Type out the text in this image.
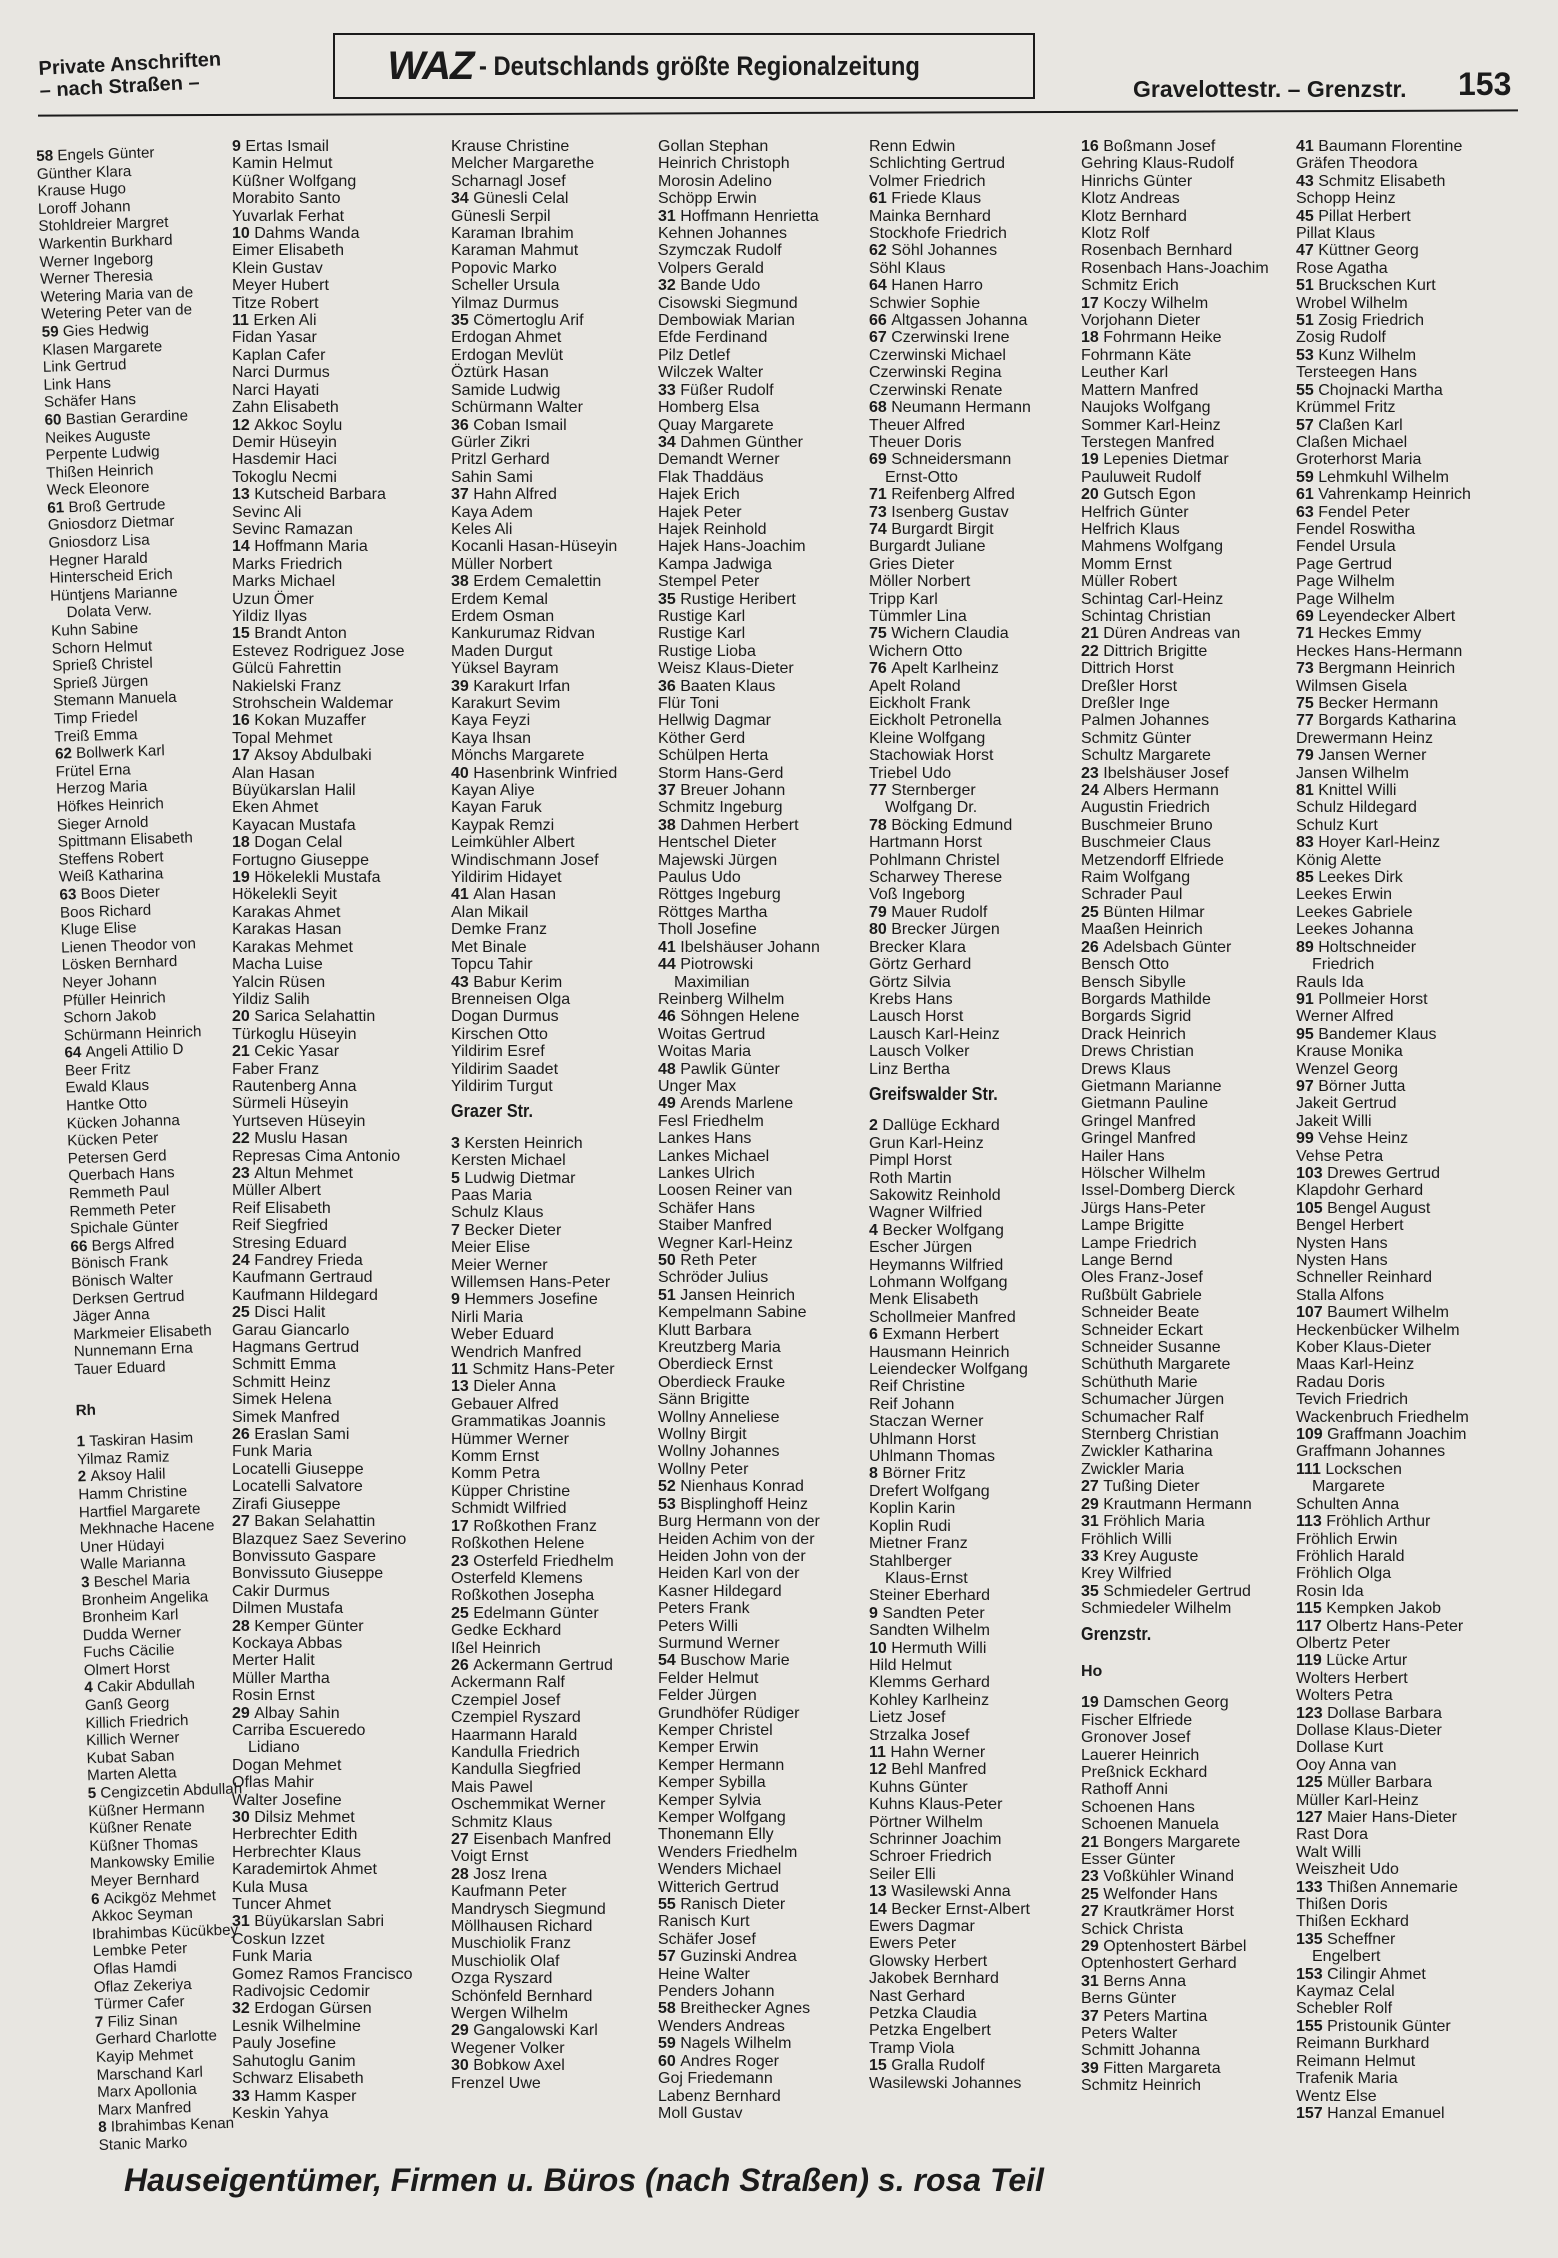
Private Anschriften
– nach Straßen –	WAZ - Deutschlands größte Regionalzeitung
Gravelottestr. – Grenzstr. 153
58 Engels Günter
Günther Klara
Krause Hugo
Loroff Johann
Stohldreier Margret
Warkentin Burkhard
Werner Ingeborg
Werner Theresia
Wetering Maria van de
Wetering Peter van de
59 Gies Hedwig
Klasen Margarete
Link Gertrud
Link Hans
Schäfer Hans
60 Bastian Gerardine
Neikes Auguste
Perpente Ludwig
Thißen Heinrich
Weck Eleonore
61 Broß Gertrude
Gniosdorz Dietmar
Gniosdorz Lisa
Hegner Harald
Hinterscheid Erich
Hüntjens Marianne
Dolata Verw.
Kuhn Sabine
Schorn Helmut
Sprieß Christel
Sprieß Jürgen
Stemann Manuela
Timp Friedel
Treiß Emma
62 Bollwerk Karl
Frütel Erna
Herzog Maria
Höfkes Heinrich
Sieger Arnold
Spittmann Elisabeth
Steffens Robert
Weiß Katharina
63 Boos Dieter
Boos Richard
Kluge Elise
Lienen Theodor von
Lösken Bernhard
Neyer Johann
Pfüller Heinrich
Schorn Jakob
Schürmann Heinrich
64 Angeli Attilio D
Beer Fritz
Ewald Klaus
Hantke Otto
Kücken Johanna
Kücken Peter
Petersen Gerd
Querbach Hans
Remmeth Paul
Remmeth Peter
Spichale Günter
66 Bergs Alfred
Bönisch Frank
Bönisch Walter
Derksen Gertrud
Jäger Anna
Markmeier Elisabeth
Nunnemann Erna
Tauer Eduard
Rh
1 Taskiran Hasim
Yilmaz Ramiz
2 Aksoy Halil
Hamm Christine
Hartfiel Margarete
Mekhnache Hacene
Uner Hüdayi
Walle Marianna
3 Beschel Maria
Bronheim Angelika
Bronheim Karl
Dudda Werner
Fuchs Cäcilie
Olmert Horst
4 Cakir Abdullah
Ganß Georg
Killich Friedrich
Killich Werner
Kubat Saban
Marten Aletta
5 Cengizcetin Abdullah
Küßner Hermann
Küßner Renate
Küßner Thomas
Mankowsky Emilie
Meyer Bernhard
6 Acikgöz Mehmet
Akkoc Seyman
Ibrahimbas Kücükbey
Lembke Peter
Oflas Hamdi
Oflaz Zekeriya
Türmer Cafer
7 Filiz Sinan
Gerhard Charlotte
Kayip Mehmet
Marschand Karl
Marx Apollonia
Marx Manfred
8 Ibrahimbas Kenan
Stanic Marko
9 Ertas Ismail
Kamin Helmut
Küßner Wolfgang
Morabito Santo
Yuvarlak Ferhat
10 Dahms Wanda
Eimer Elisabeth
Klein Gustav
Meyer Hubert
Titze Robert
11 Erken Ali
Fidan Yasar
Kaplan Cafer
Narci Durmus
Narci Hayati
Zahn Elisabeth
12 Akkoc Soylu
Demir Hüseyin
Hasdemir Haci
Tokoglu Necmi
13 Kutscheid Barbara
Sevinc Ali
Sevinc Ramazan
14 Hoffmann Maria
Marks Friedrich
Marks Michael
Uzun Ömer
Yildiz Ilyas
15 Brandt Anton
Estevez Rodriguez Jose
Gülcü Fahrettin
Nakielski Franz
Strohschein Waldemar
16 Kokan Muzaffer
Topal Mehmet
17 Aksoy Abdulbaki
Alan Hasan
Büyükarslan Halil
Eken Ahmet
Kayacan Mustafa
18 Dogan Celal
Fortugno Giuseppe
19 Hökelekli Mustafa
Hökelekli Seyit
Karakas Ahmet
Karakas Hasan
Karakas Mehmet
Macha Luise
Yalcin Rüsen
Yildiz Salih
20 Sarica Selahattin
Türkoglu Hüseyin
21 Cekic Yasar
Faber Franz
Rautenberg Anna
Sürmeli Hüseyin
Yurtseven Hüseyin
22 Muslu Hasan
Represas Cima Antonio
23 Altun Mehmet
Müller Albert
Reif Elisabeth
Reif Siegfried
Stresing Eduard
24 Fandrey Frieda
Kaufmann Gertraud
Kaufmann Hildegard
25 Disci Halit
Garau Giancarlo
Hagmans Gertrud
Schmitt Emma
Schmitt Heinz
Simek Helena
Simek Manfred
26 Eraslan Sami
Funk Maria
Locatelli Giuseppe
Locatelli Salvatore
Zirafi Giuseppe
27 Bakan Selahattin
Blazquez Saez Severino
Bonvissuto Gaspare
Bonvissuto Giuseppe
Cakir Durmus
Dilmen Mustafa
28 Kemper Günter
Kockaya Abbas
Merter Halit
Müller Martha
Rosin Ernst
29 Albay Sahin
Carriba Escueredo
Lidiano
Dogan Mehmet
Oflas Mahir
Walter Josefine
30 Dilsiz Mehmet
Herbrechter Edith
Herbrechter Klaus
Karademirtok Ahmet
Kula Musa
Tuncer Ahmet
31 Büyükarslan Sabri
Coskun Izzet
Funk Maria
Gomez Ramos Francisco
Radivojsic Cedomir
32 Erdogan Gürsen
Lesnik Wilhelmine
Pauly Josefine
Sahutoglu Ganim
Schwarz Elisabeth
33 Hamm Kasper
Keskin Yahya
Krause Christine
Melcher Margarethe
Scharnagl Josef
34 Günesli Celal
Günesli Serpil
Karaman Ibrahim
Karaman Mahmut
Popovic Marko
Scheller Ursula
Yilmaz Durmus
35 Cömertoglu Arif
Erdogan Ahmet
Erdogan Mevlüt
Öztürk Hasan
Samide Ludwig
Schürmann Walter
36 Coban Ismail
Gürler Zikri
Pritzl Gerhard
Sahin Sami
37 Hahn Alfred
Kaya Adem
Keles Ali
Kocanli Hasan-Hüseyin
Müller Norbert
38 Erdem Cemalettin
Erdem Kemal
Erdem Osman
Kankurumaz Ridvan
Maden Durgut
Yüksel Bayram
39 Karakurt Irfan
Karakurt Sevim
Kaya Feyzi
Kaya Ihsan
Mönchs Margarete
40 Hasenbrink Winfried
Kayan Aliye
Kayan Faruk
Kaypak Remzi
Leimkühler Albert
Windischmann Josef
Yildirim Hidayet
41 Alan Hasan
Alan Mikail
Demke Franz
Met Binale
Topcu Tahir
43 Babur Kerim
Brenneisen Olga
Dogan Durmus
Kirschen Otto
Yildirim Esref
Yildirim Saadet
Yildirim Turgut
Grazer Str.
3 Kersten Heinrich
Kersten Michael
5 Ludwig Dietmar
Paas Maria
Schulz Klaus
7 Becker Dieter
Meier Elise
Meier Werner
Willemsen Hans-Peter
9 Hemmers Josefine
Nirli Maria
Weber Eduard
Wendrich Manfred
11 Schmitz Hans-Peter
13 Dieler Anna
Gebauer Alfred
Grammatikas Joannis
Hümmer Werner
Komm Ernst
Komm Petra
Küpper Christine
Schmidt Wilfried
17 Roßkothen Franz
Roßkothen Helene
23 Osterfeld Friedhelm
Osterfeld Klemens
Roßkothen Josepha
25 Edelmann Günter
Gedke Eckhard
Ißel Heinrich
26 Ackermann Gertrud
Ackermann Ralf
Czempiel Josef
Czempiel Ryszard
Haarmann Harald
Kandulla Friedrich
Kandulla Siegfried
Mais Pawel
Oschemmikat Werner
Schmitz Klaus
27 Eisenbach Manfred
Voigt Ernst
28 Josz Irena
Kaufmann Peter
Mandrysch Siegmund
Möllhausen Richard
Muschiolik Franz
Muschiolik Olaf
Ozga Ryszard
Schönfeld Bernhard
Wergen Wilhelm
29 Gangalowski Karl
Wegener Volker
30 Bobkow Axel
Frenzel Uwe
Gollan Stephan
Heinrich Christoph
Morosin Adelino
Schöpp Erwin
31 Hoffmann Henrietta
Kehnen Johannes
Szymczak Rudolf
Volpers Gerald
32 Bande Udo
Cisowski Siegmund
Dembowiak Marian
Efde Ferdinand
Pilz Detlef
Wilczek Walter
33 Füßer Rudolf
Homberg Elsa
Quay Margarete
34 Dahmen Günther
Demandt Werner
Flak Thaddäus
Hajek Erich
Hajek Peter
Hajek Reinhold
Hajek Hans-Joachim
Kampa Jadwiga
Stempel Peter
35 Rustige Heribert
Rustige Karl
Rustige Karl
Rustige Lioba
Weisz Klaus-Dieter
36 Baaten Klaus
Flür Toni
Hellwig Dagmar
Köther Gerd
Schülpen Herta
Storm Hans-Gerd
37 Breuer Johann
Schmitz Ingeburg
38 Dahmen Herbert
Hentschel Dieter
Majewski Jürgen
Paulus Udo
Röttges Ingeburg
Röttges Martha
Tholl Josefine
41 Ibelshäuser Johann
44 Piotrowski
Maximilian
Reinberg Wilhelm
46 Söhngen Helene
Woitas Gertrud
Woitas Maria
48 Pawlik Günter
Unger Max
49 Arends Marlene
Fesl Friedhelm
Lankes Hans
Lankes Michael
Lankes Ulrich
Loosen Reiner van
Schäfer Hans
Staiber Manfred
Wegner Karl-Heinz
50 Reth Peter
Schröder Julius
51 Jansen Heinrich
Kempelmann Sabine
Klutt Barbara
Kreutzberg Maria
Oberdieck Ernst
Oberdieck Frauke
Sänn Brigitte
Wollny Anneliese
Wollny Birgit
Wollny Johannes
Wollny Peter
52 Nienhaus Konrad
53 Bisplinghoff Heinz
Burg Hermann von der
Heiden Achim von der
Heiden John von der
Heiden Karl von der
Kasner Hildegard
Peters Frank
Peters Willi
Surmund Werner
54 Buschow Marie
Felder Helmut
Felder Jürgen
Grundhöfer Rüdiger
Kemper Christel
Kemper Erwin
Kemper Hermann
Kemper Sybilla
Kemper Sylvia
Kemper Wolfgang
Thonemann Elly
Wenders Friedhelm
Wenders Michael
Witterich Gertrud
55 Ranisch Dieter
Ranisch Kurt
Schäfer Josef
57 Guzinski Andrea
Heine Walter
Penders Johann
58 Breithecker Agnes
Wenders Andreas
59 Nagels Wilhelm
60 Andres Roger
Goj Friedemann
Labenz Bernhard
Moll Gustav
Renn Edwin
Schlichting Gertrud
Volmer Friedrich
61 Friede Klaus
Mainka Bernhard
Stockhofe Friedrich
62 Söhl Johannes
Söhl Klaus
64 Hanen Harro
Schwier Sophie
66 Altgassen Johanna
67 Czerwinski Irene
Czerwinski Michael
Czerwinski Regina
Czerwinski Renate
68 Neumann Hermann
Theuer Alfred
Theuer Doris
69 Schneidersmann
Ernst-Otto
71 Reifenberg Alfred
73 Isenberg Gustav
74 Burgardt Birgit
Burgardt Juliane
Gries Dieter
Möller Norbert
Tripp Karl
Tümmler Lina
75 Wichern Claudia
Wichern Otto
76 Apelt Karlheinz
Apelt Roland
Eickholt Frank
Eickholt Petronella
Kleine Wolfgang
Stachowiak Horst
Triebel Udo
77 Sternberger
Wolfgang Dr.
78 Böcking Edmund
Hartmann Horst
Pohlmann Christel
Scharwey Therese
Voß Ingeborg
79 Mauer Rudolf
80 Brecker Jürgen
Brecker Klara
Görtz Gerhard
Görtz Silvia
Krebs Hans
Lausch Horst
Lausch Karl-Heinz
Lausch Volker
Linz Bertha
Greifswalder Str.
2 Dallüge Eckhard
Grun Karl-Heinz
Pimpl Horst
Roth Martin
Sakowitz Reinhold
Wagner Wilfried
4 Becker Wolfgang
Escher Jürgen
Heymanns Wilfried
Lohmann Wolfgang
Menk Elisabeth
Schollmeier Manfred
6 Exmann Herbert
Hausmann Heinrich
Leiendecker Wolfgang
Reif Christine
Reif Johann
Staczan Werner
Uhlmann Horst
Uhlmann Thomas
8 Börner Fritz
Drefert Wolfgang
Koplin Karin
Koplin Rudi
Mietner Franz
Stahlberger
Klaus-Ernst
Steiner Eberhard
9 Sandten Peter
Sandten Wilhelm
10 Hermuth Willi
Hild Helmut
Klemms Gerhard
Kohley Karlheinz
Lietz Josef
Strzalka Josef
11 Hahn Werner
12 Behl Manfred
Kuhns Günter
Kuhns Klaus-Peter
Pörtner Wilhelm
Schrinner Joachim
Schroer Friedrich
Seiler Elli
13 Wasilewski Anna
14 Becker Ernst-Albert
Ewers Dagmar
Ewers Peter
Glowsky Herbert
Jakobek Bernhard
Nast Gerhard
Petzka Claudia
Petzka Engelbert
Tramp Viola
15 Gralla Rudolf
Wasilewski Johannes
16 Boßmann Josef
Gehring Klaus-Rudolf
Hinrichs Günter
Klotz Andreas
Klotz Bernhard
Klotz Rolf
Rosenbach Bernhard
Rosenbach Hans-Joachim
Schmitz Erich
17 Koczy Wilhelm
Vorjohann Dieter
18 Fohrmann Heike
Fohrmann Käte
Leuther Karl
Mattern Manfred
Naujoks Wolfgang
Sommer Karl-Heinz
Terstegen Manfred
19 Lepenies Dietmar
Pauluweit Rudolf
20 Gutsch Egon
Helfrich Günter
Helfrich Klaus
Mahmens Wolfgang
Momm Ernst
Müller Robert
Schintag Carl-Heinz
Schintag Christian
21 Düren Andreas van
22 Dittrich Brigitte
Dittrich Horst
Dreßler Horst
Dreßler Inge
Palmen Johannes
Schmitz Günter
Schultz Margarete
23 Ibelshäuser Josef
24 Albers Hermann
Augustin Friedrich
Buschmeier Bruno
Buschmeier Claus
Metzendorff Elfriede
Raim Wolfgang
Schrader Paul
25 Bünten Hilmar
Maaßen Heinrich
26 Adelsbach Günter
Bensch Otto
Bensch Sibylle
Borgards Mathilde
Borgards Sigrid
Drack Heinrich
Drews Christian
Drews Klaus
Gietmann Marianne
Gietmann Pauline
Gringel Manfred
Gringel Manfred
Hailer Hans
Hölscher Wilhelm
Issel-Domberg Dierck
Jürgs Hans-Peter
Lampe Brigitte
Lampe Friedrich
Lange Bernd
Oles Franz-Josef
Rußbült Gabriele
Schneider Beate
Schneider Eckart
Schneider Susanne
Schüthuth Margarete
Schüthuth Marie
Schumacher Jürgen
Schumacher Ralf
Sternberg Christian
Zwickler Katharina
Zwickler Maria
27 Tußing Dieter
29 Krautmann Hermann
31 Fröhlich Maria
Fröhlich Willi
33 Krey Auguste
Krey Wilfried
35 Schmiedeler Gertrud
Schmiedeler Wilhelm
Grenzstr.
Ho
19 Damschen Georg
Fischer Elfriede
Gronover Josef
Lauerer Heinrich
Preßnick Eckhard
Rathoff Anni
Schoenen Hans
Schoenen Manuela
21 Bongers Margarete
Esser Günter
23 Voßkühler Winand
25 Welfonder Hans
27 Krautkrämer Horst
Schick Christa
29 Optenhostert Bärbel
Optenhostert Gerhard
31 Berns Anna
Berns Günter
37 Peters Martina
Peters Walter
Schmitt Johanna
39 Fitten Margareta
Schmitz Heinrich
41 Baumann Florentine
Gräfen Theodora
43 Schmitz Elisabeth
Schopp Heinz
45 Pillat Herbert
Pillat Klaus
47 Küttner Georg
Rose Agatha
51 Bruckschen Kurt
Wrobel Wilhelm
51 Zosig Friedrich
Zosig Rudolf
53 Kunz Wilhelm
Tersteegen Hans
55 Chojnacki Martha
Krümmel Fritz
57 Claßen Karl
Claßen Michael
Groterhorst Maria
59 Lehmkuhl Wilhelm
61 Vahrenkamp Heinrich
63 Fendel Peter
Fendel Roswitha
Fendel Ursula
Page Gertrud
Page Wilhelm
Page Wilhelm
69 Leyendecker Albert
71 Heckes Emmy
Heckes Hans-Hermann
73 Bergmann Heinrich
Wilmsen Gisela
75 Becker Hermann
77 Borgards Katharina
Drewermann Heinz
79 Jansen Werner
Jansen Wilhelm
81 Knittel Willi
Schulz Hildegard
Schulz Kurt
83 Hoyer Karl-Heinz
König Alette
85 Leekes Dirk
Leekes Erwin
Leekes Gabriele
Leekes Johanna
89 Holtschneider
Friedrich
Rauls Ida
91 Pollmeier Horst
Werner Alfred
95 Bandemer Klaus
Krause Monika
Wenzel Georg
97 Börner Jutta
Jakeit Gertrud
Jakeit Willi
99 Vehse Heinz
Vehse Petra
103 Drewes Gertrud
Klapdohr Gerhard
105 Bengel August
Bengel Herbert
Nysten Hans
Nysten Hans
Schneller Reinhard
Stalla Alfons
107 Baumert Wilhelm
Heckenbücker Wilhelm
Kober Klaus-Dieter
Maas Karl-Heinz
Radau Doris
Tevich Friedrich
Wackenbruch Friedhelm
109 Graffmann Joachim
Graffmann Johannes
111 Lockschen
Margarete
Schulten Anna
113 Fröhlich Arthur
Fröhlich Erwin
Fröhlich Harald
Fröhlich Olga
Rosin Ida
115 Kempken Jakob
117 Olbertz Hans-Peter
Olbertz Peter
119 Lücke Artur
Wolters Herbert
Wolters Petra
123 Dollase Barbara
Dollase Klaus-Dieter
Dollase Kurt
Ooy Anna van
125 Müller Barbara
Müller Karl-Heinz
127 Maier Hans-Dieter
Rast Dora
Walt Willi
Weiszheit Udo
133 Thißen Annemarie
Thißen Doris
Thißen Eckhard
135 Scheffner
Engelbert
153 Cilingir Ahmet
Kaymaz Celal
Schebler Rolf
155 Pristounik Günter
Reimann Burkhard
Reimann Helmut
Trafenik Maria
Wentz Else
157 Hanzal Emanuel
Hauseigentümer, Firmen u. Büros (nach Straßen) s. rosa Teil
